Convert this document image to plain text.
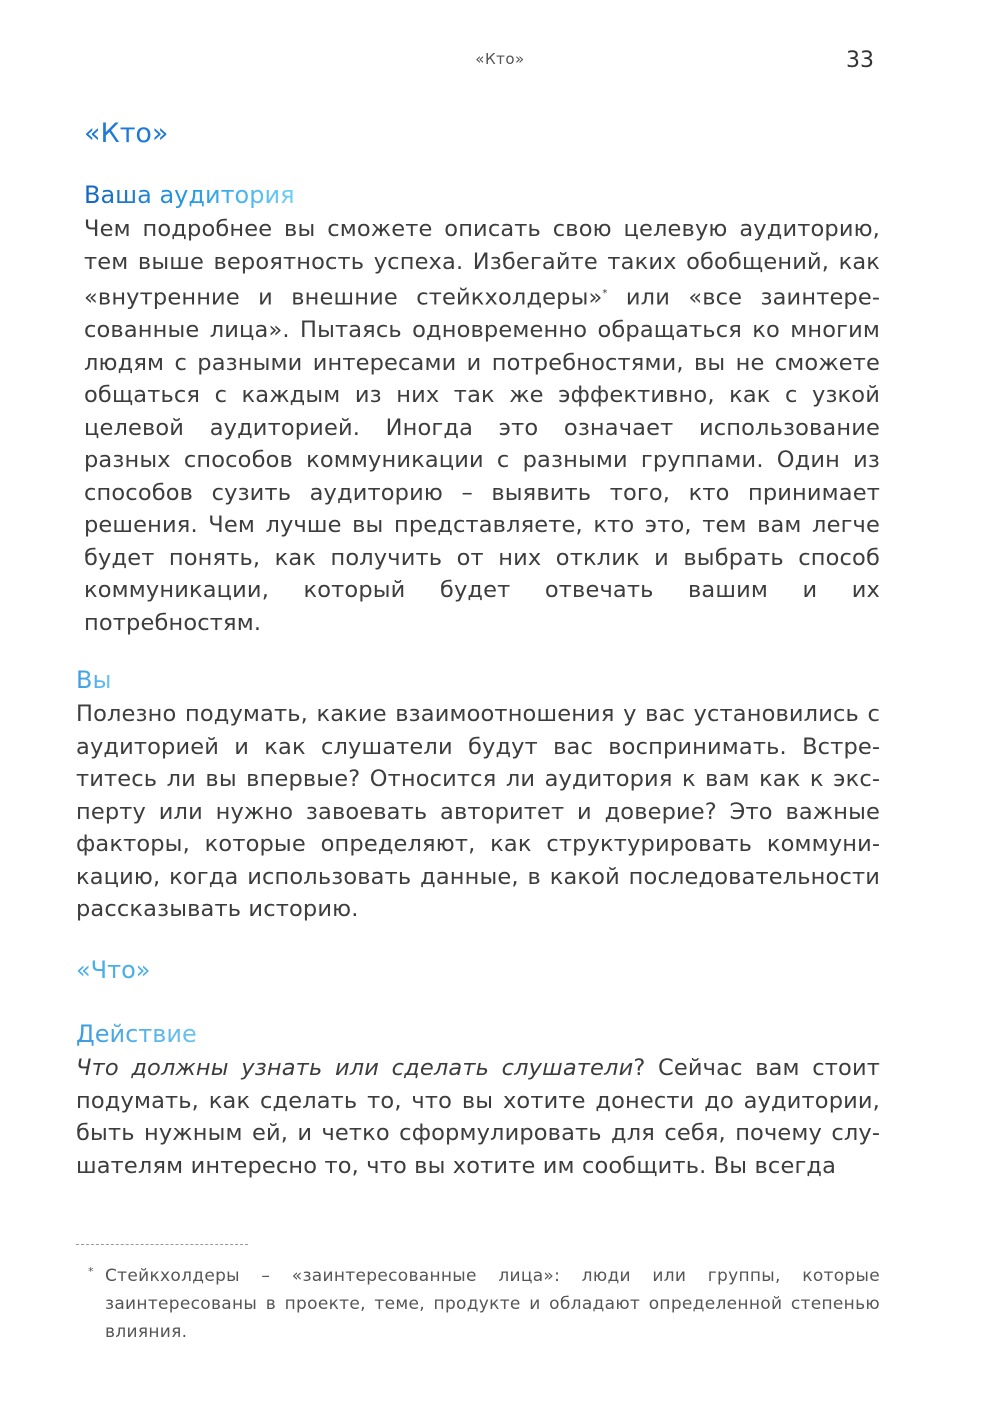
«Кто»	33
«Кто»
Ваша аудитория

Чем подробнее вы сможете описать свою целевую аудиторию, тем выше вероятность успеха. Избегайте таких обобщений, как «внутренние и внешние стейкхолдеры»* или «все заинтересованные лица». Пытаясь одновременно обращаться ко многим людям с разными интересами и потребностями, вы не сможете общаться с каждым из них так же эффективно, как с узкой целевой аудиторией. Иногда это означает использование разных способов коммуникации с разными группами. Один из способов сузить аудиторию – выявить того, кто принимает решения. Чем лучше вы представляете, кто это, тем вам легче будет понять, как получить от них отклик и выбрать способ коммуникации, который будет отвечать вашим и их потребностям.

Вы

Полезно подумать, какие взаимоотношения у вас установились с аудиторией и как слушатели будут вас воспринимать. Встретитесь ли вы впервые? Относится ли аудитория к вам как к эксперту или нужно завоевать авторитет и доверие? Это важные факторы, которые определяют, как структурировать коммуникацию, когда использовать данные, в какой последовательности рассказывать историю.

«Что»
Действие

Что должны узнать или сделать слушатели? Сейчас вам стоит подумать, как сделать то, что вы хотите донести до аудитории, быть нужным ей, и четко сформулировать для себя, почему слушателям интересно то, что вы хотите им сообщить. Вы всегда

* Стейкхолдеры – «заинтересованные лица»: люди или группы, которые заинтересованы в проекте, теме, продукте и обладают определенной степенью влияния.
